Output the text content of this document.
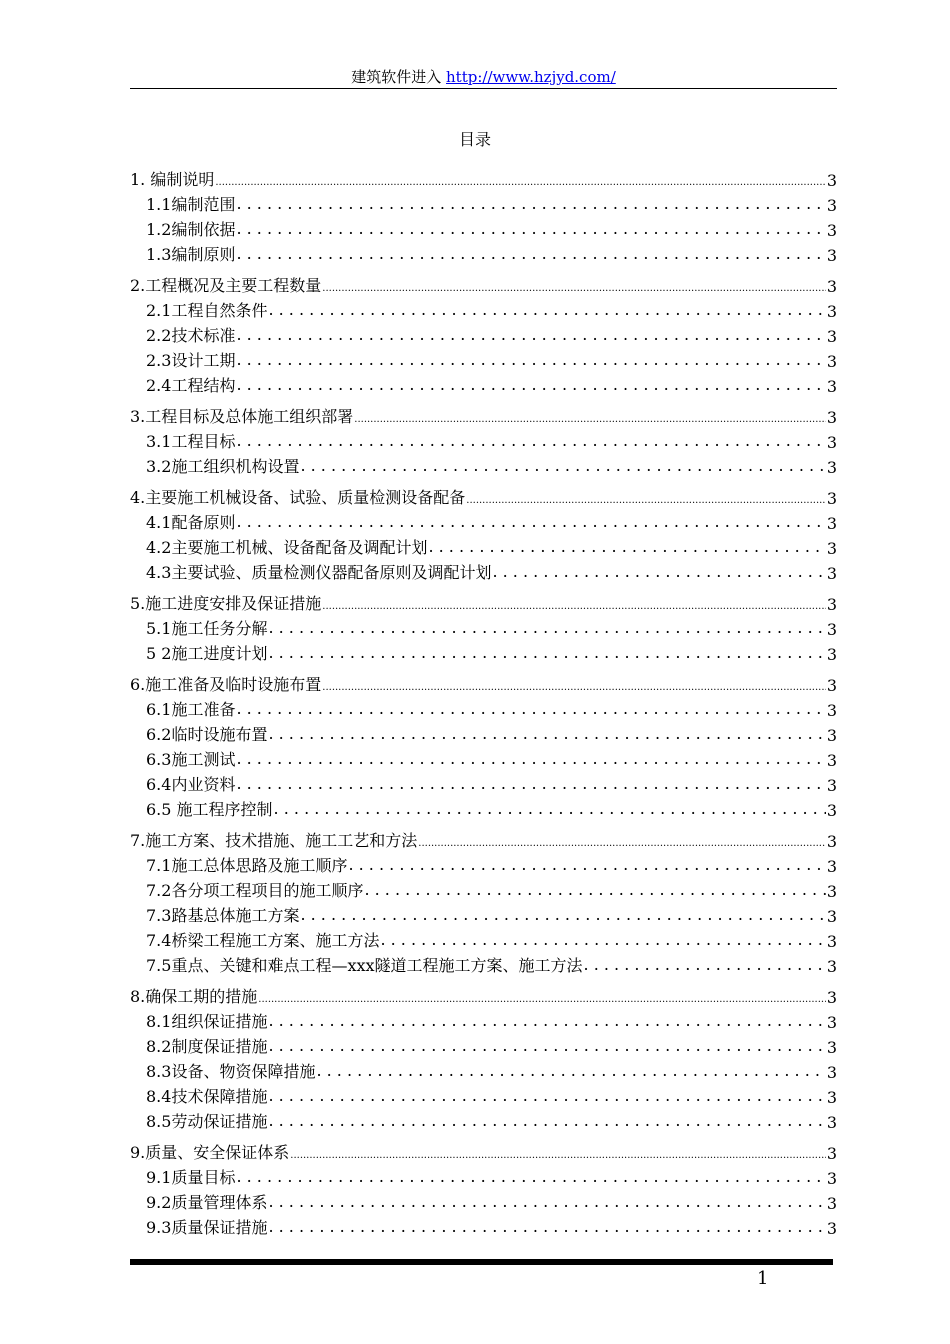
建筑软件进入 http://www.hzjyd.com/
目录
1. 编制说明 .....	3
1.1编制范围 . . .	3
1.2编制依据 . . .	3
1.3编制原则 . . .	3
2.工程概况及主要工程数量 .....	3
2.1工程自然条件 . . .	3
2.2技术标准 . . .	3
2.3设计工期 . . .	3
2.4工程结构 . . .	3
3.工程目标及总体施工组织部署 .....	3
3.1工程目标 . . .	3
3.2施工组织机构设置 . . .	3
4.主要施工机械设备、试验、质量检测设备配备 .....	3
4.1配备原则 . . .	3
4.2主要施工机械、设备配备及调配计划 . . .	3
4.3主要试验、质量检测仪器配备原则及调配计划 . . .	3
5.施工进度安排及保证措施 .....	3
5.1施工任务分解 . . .	3
5 2施工进度计划 . . .	3
6.施工准备及临时设施布置 .....	3
6.1施工准备 . . .	3
6.2临时设施布置 . . .	3
6.3施工测试 . . .	3
6.4内业资料 . . .	3
6.5 施工程序控制 . . .	3
7.施工方案、技术措施、施工工艺和方法 .....	3
7.1施工总体思路及施工顺序 . . .	3
7.2各分项工程项目的施工顺序 . . .	3
7.3路基总体施工方案 . . .	3
7.4桥梁工程施工方案、施工方法 . . .	3
7.5重点、关键和难点工程—xxx隧道工程施工方案、施工方法 . . .	3
8.确保工期的措施 .....	3
8.1组织保证措施 . . .	3
8.2制度保证措施 . . .	3
8.3设备、物资保障措施 . . .	3
8.4技术保障措施 . . .	3
8.5劳动保证措施 . . .	3
9.质量、安全保证体系 .....	3
9.1质量目标 . . .	3
9.2质量管理体系 . . .	3
9.3质量保证措施 . . .	3
1
